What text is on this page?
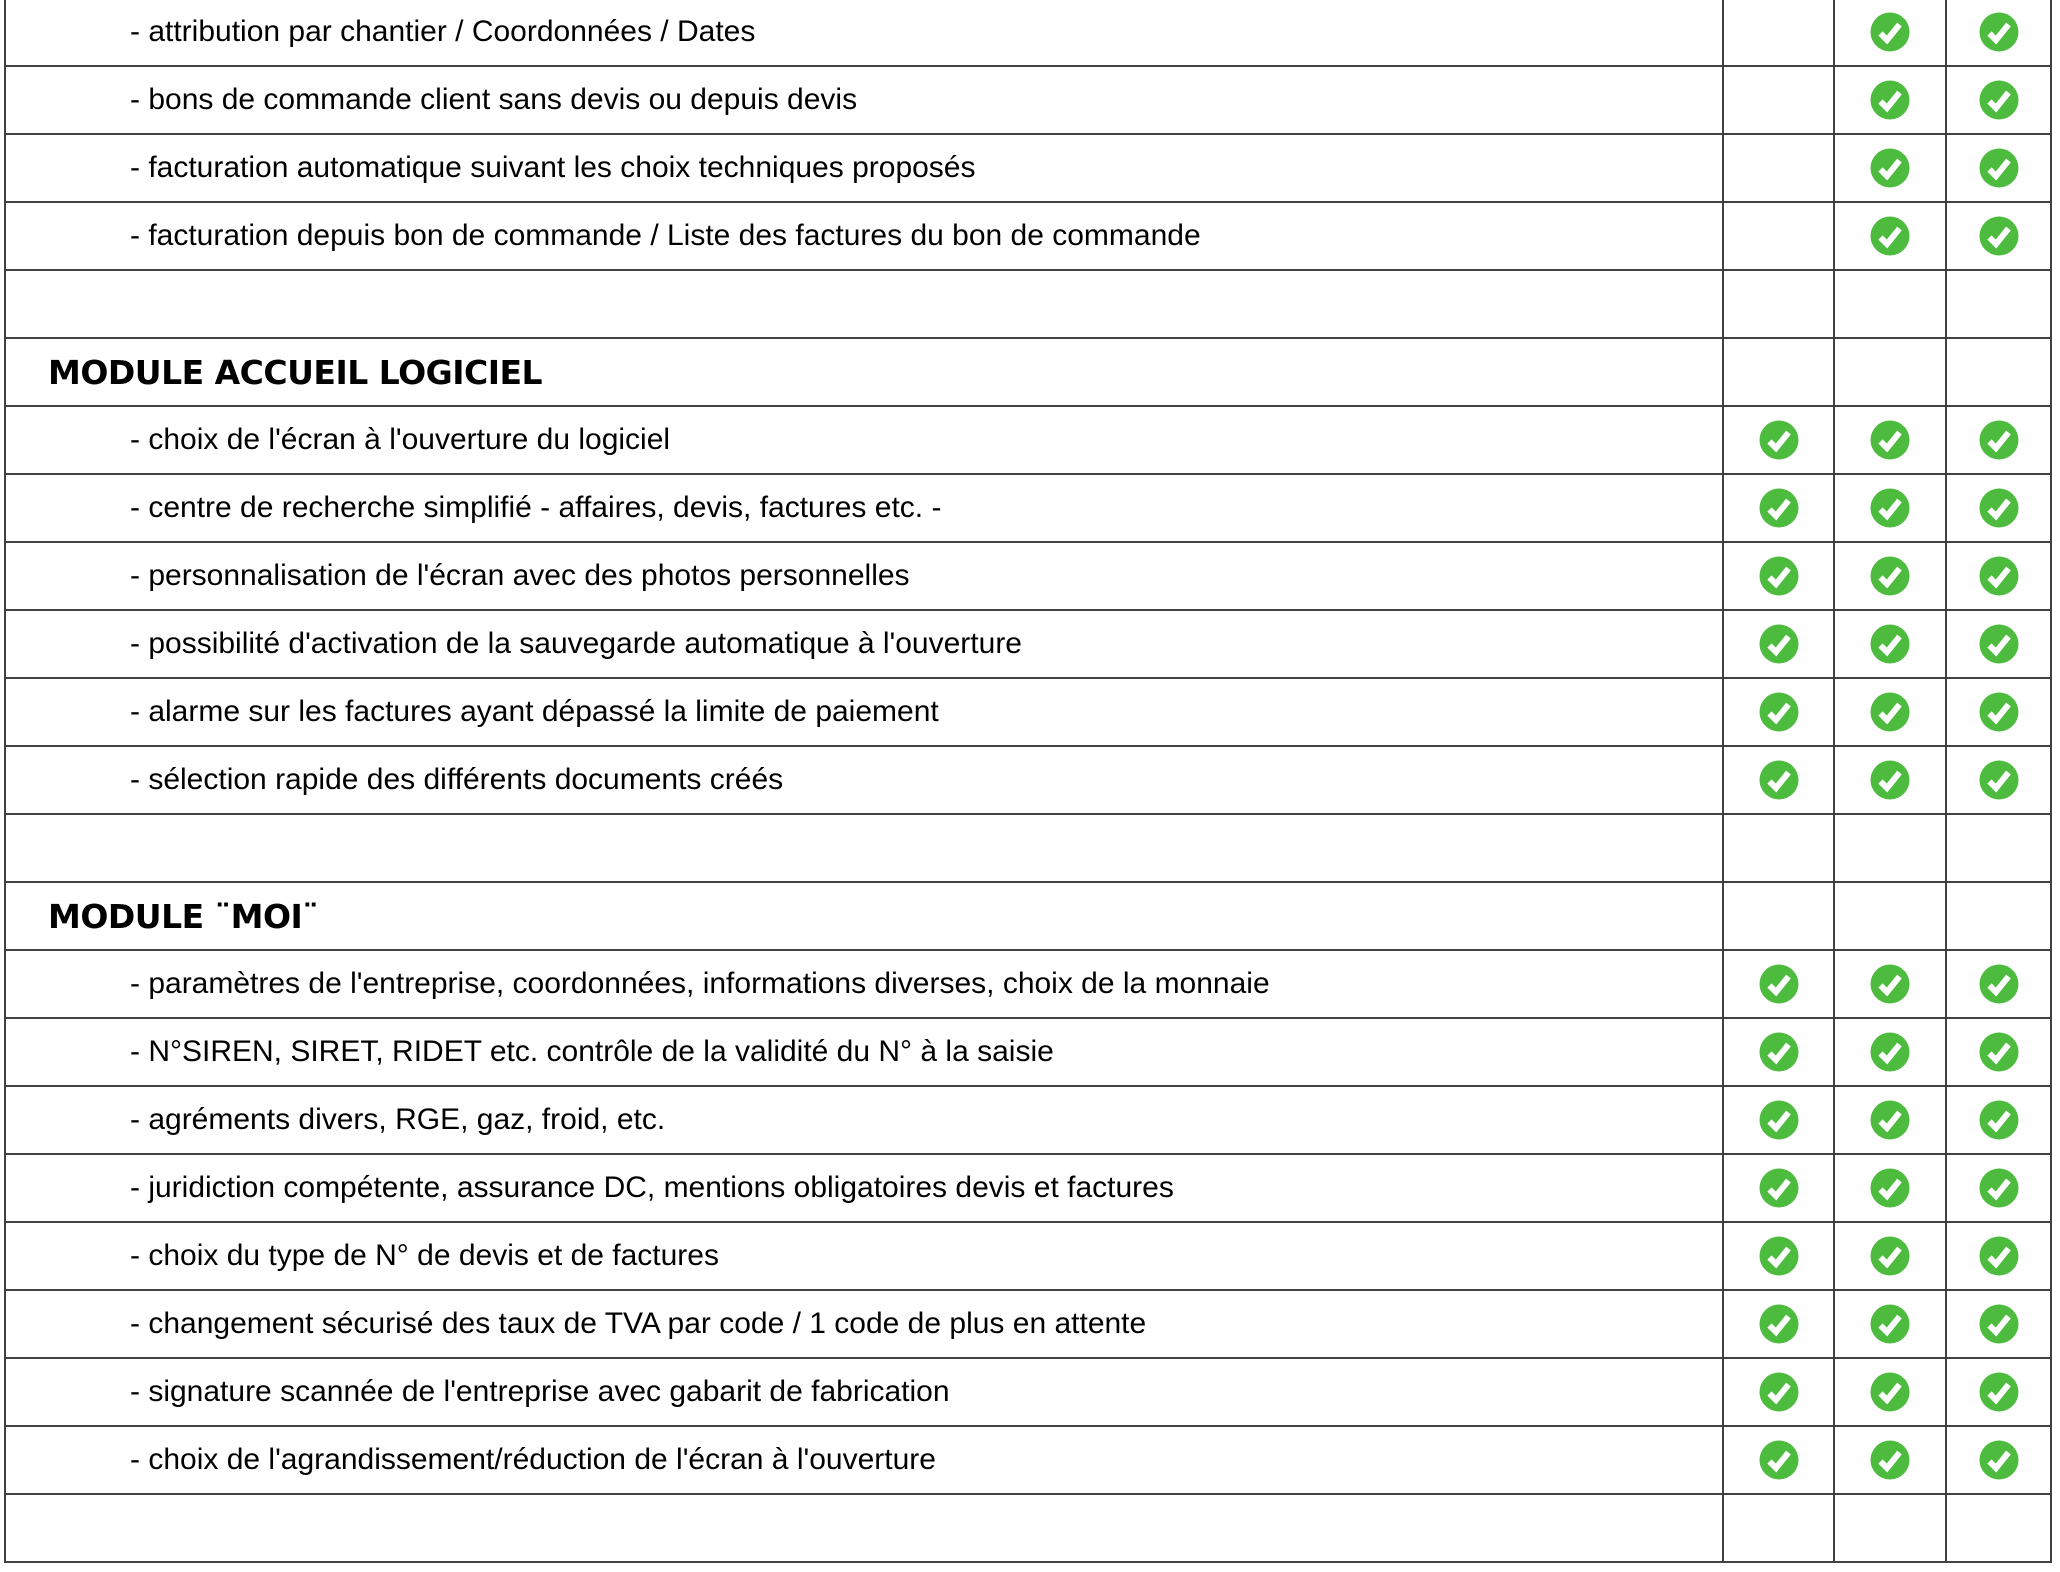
- attribution par chantier / Coordonnées / Dates
- bons de commande client sans devis ou depuis devis
- facturation automatique suivant les choix techniques proposés
- facturation depuis bon de commande / Liste des factures du bon de commande
MODULE ACCUEIL LOGICIEL
- choix de l'écran à l'ouverture du logiciel
- centre de recherche simplifié - affaires, devis, factures etc. -
- personnalisation de l'écran avec des photos personnelles
- possibilité d'activation de la sauvegarde automatique à l'ouverture
- alarme sur les factures ayant dépassé la limite de paiement
- sélection rapide des différents documents créés
MODULE ¨MOI¨
- paramètres de l'entreprise, coordonnées, informations diverses, choix de la monnaie
- N°SIREN, SIRET, RIDET etc. contrôle de la validité du N° à la saisie
- agréments divers, RGE, gaz, froid, etc.
- juridiction compétente, assurance DC, mentions obligatoires devis et factures
- choix du type de N° de devis et de factures
- changement sécurisé des taux de TVA par code / 1 code de plus en attente
- signature scannée de l'entreprise avec gabarit de fabrication
- choix de l'agrandissement/réduction de l'écran à l'ouverture
